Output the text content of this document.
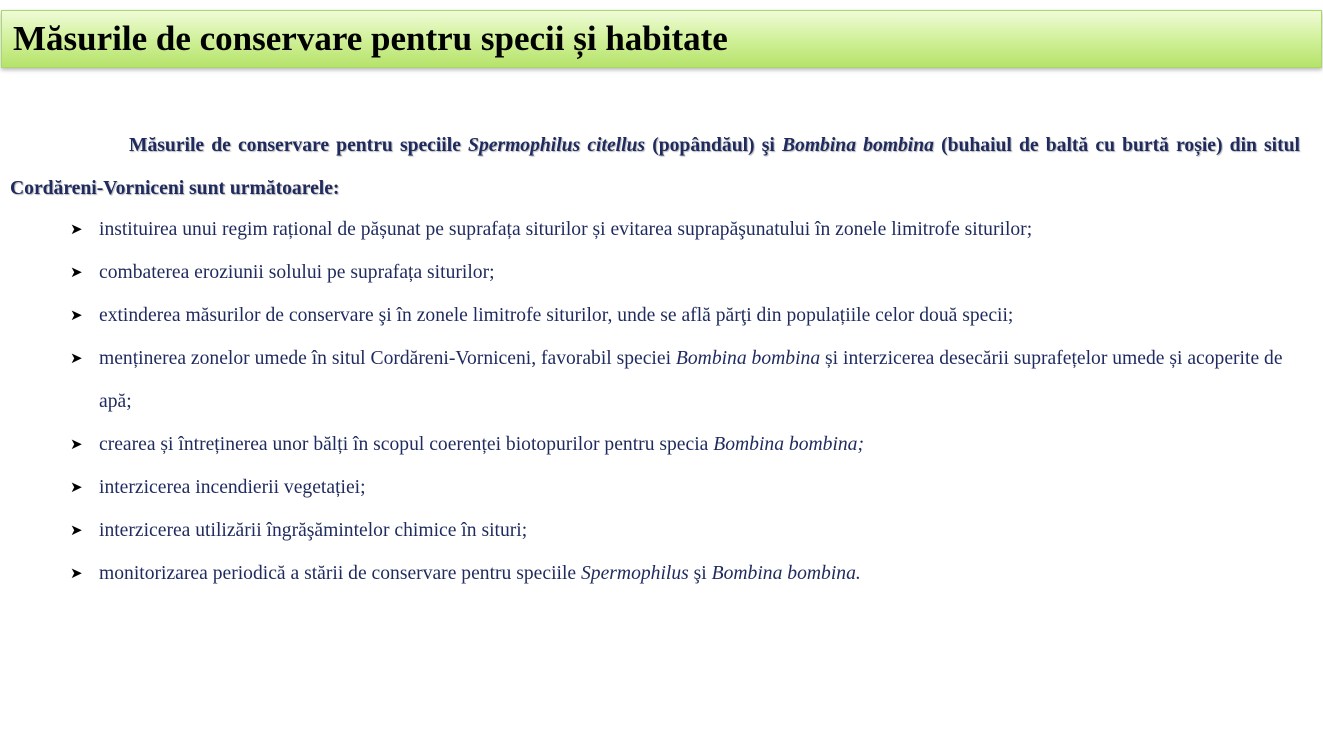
Măsurile de conservare pentru specii și habitate

Măsurile de conservare pentru speciile Spermophilus citellus (popândăul) şi Bombina bombina (buhaiul de baltă cu burtă roșie) din situl Cordăreni-Vorniceni sunt următoarele:

➤ instituirea unui regim rațional de pășunat pe suprafața siturilor și evitarea suprapăşunatului în zonele limitrofe siturilor;
➤ combaterea eroziunii solului pe suprafața siturilor;
➤ extinderea măsurilor de conservare şi în zonele limitrofe siturilor, unde se află părţi din populațiile celor două specii;
➤ menținerea zonelor umede în situl Cordăreni-Vorniceni, favorabil speciei Bombina bombina și interzicerea desecării suprafețelor umede și acoperite de apă;
➤ crearea și întreținerea unor bălți în scopul coerenței biotopurilor pentru specia Bombina bombina;
➤ interzicerea incendierii vegetației;
➤ interzicerea utilizării îngrăşămintelor chimice în situri;
➤ monitorizarea periodică a stării de conservare pentru speciile Spermophilus şi Bombina bombina.
